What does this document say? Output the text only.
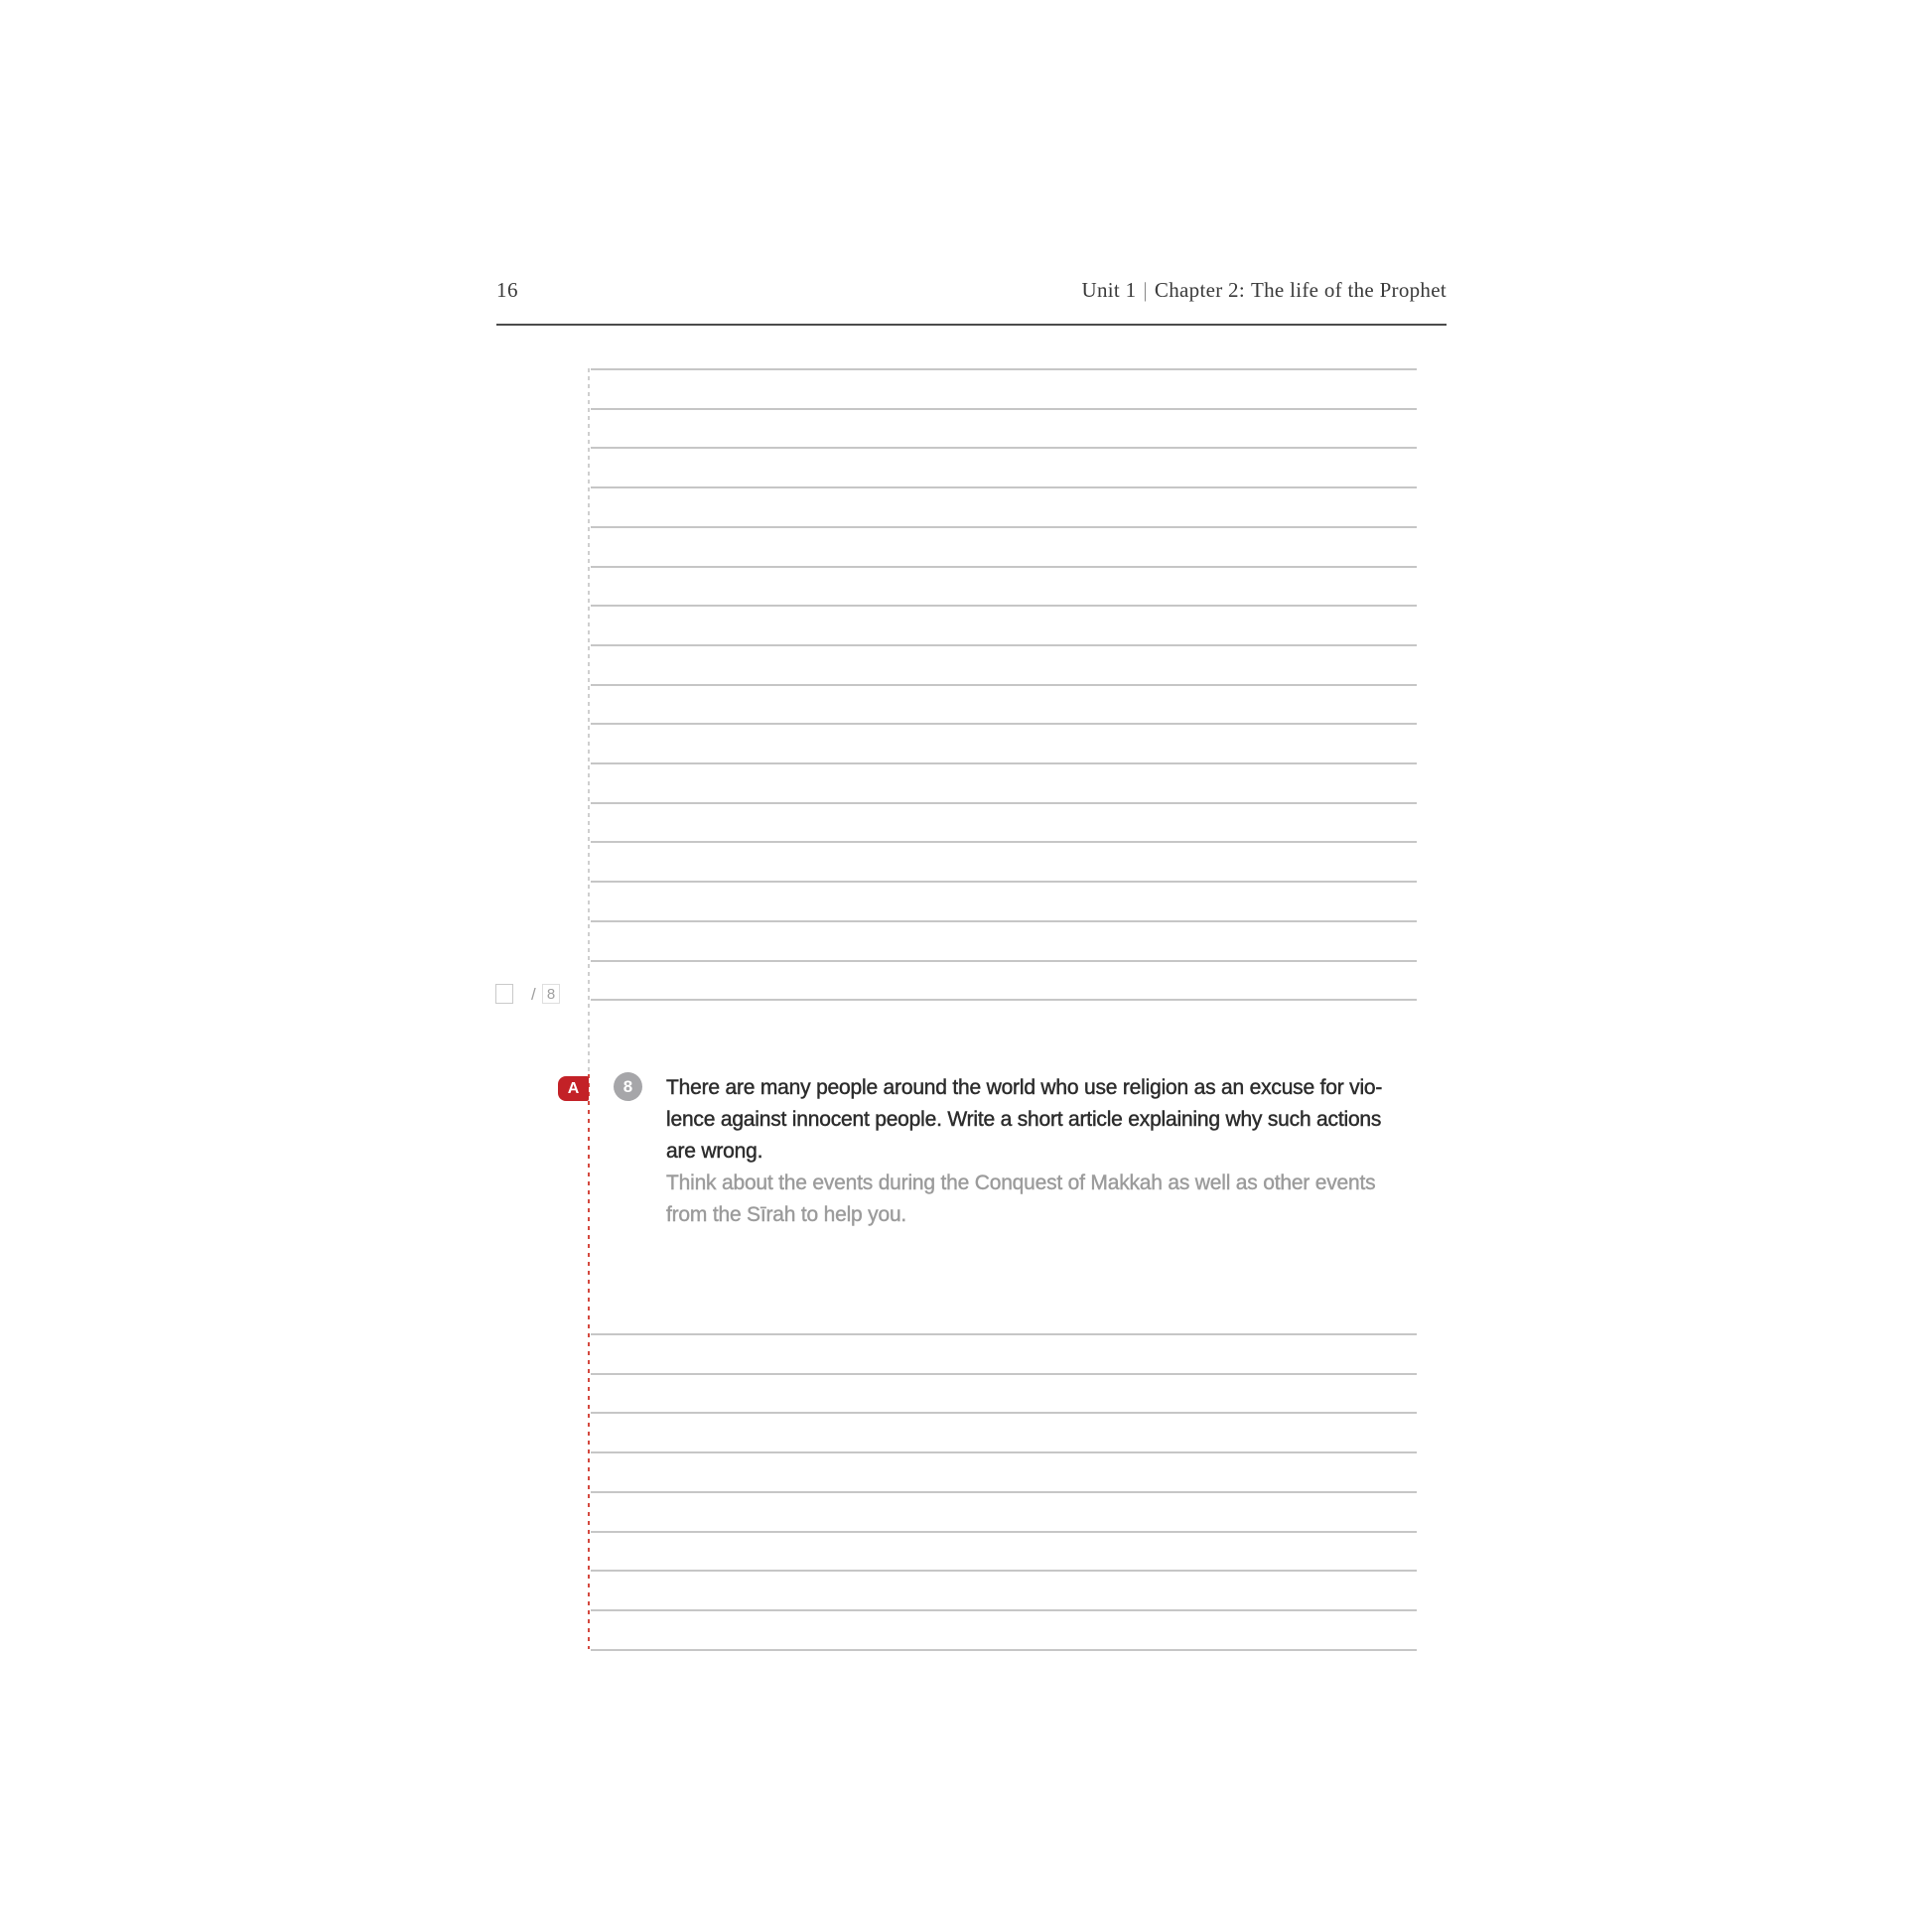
16	Unit 1 | Chapter 2: The life of the Prophet
/ 8
A	8	There are many people around the world who use religion as an excuse for vio-
lence against innocent people. Write a short article explaining why such actions
are wrong.
Think about the events during the Conquest of Makkah as well as other events
from the Sīrah to help you.
